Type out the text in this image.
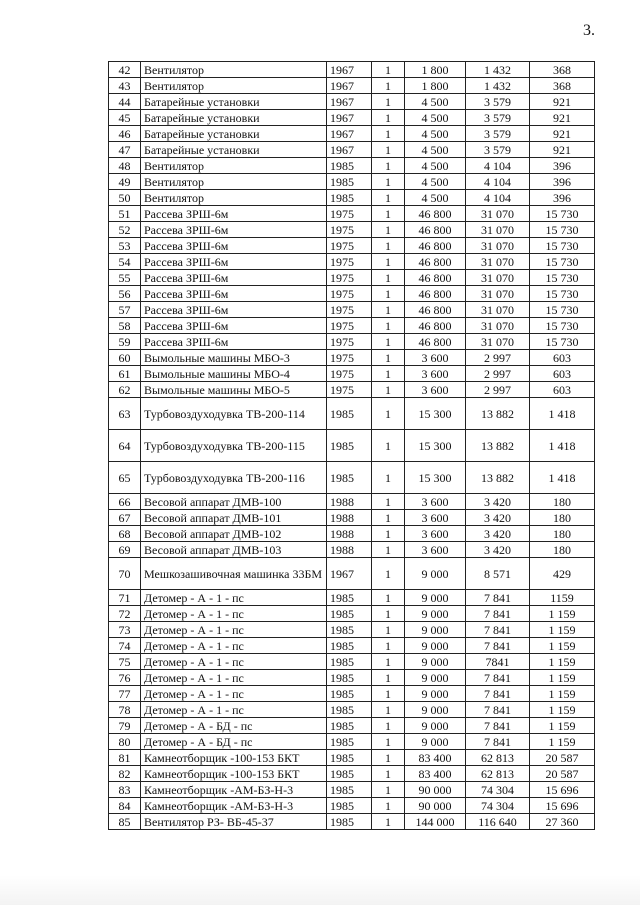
3.
42	Вентилятор	1967	1	1 800	1 432	368
43	Вентилятор	1967	1	1 800	1 432	368
44	Батарейные установки	1967	1	4 500	3 579	921
45	Батарейные установки	1967	1	4 500	3 579	921
46	Батарейные установки	1967	1	4 500	3 579	921
47	Батарейные установки	1967	1	4 500	3 579	921
48	Вентилятор	1985	1	4 500	4 104	396
49	Вентилятор	1985	1	4 500	4 104	396
50	Вентилятор	1985	1	4 500	4 104	396
51	Рассева ЗРШ-6м	1975	1	46 800	31 070	15 730
52	Рассева ЗРШ-6м	1975	1	46 800	31 070	15 730
53	Рассева ЗРШ-6м	1975	1	46 800	31 070	15 730
54	Рассева ЗРШ-6м	1975	1	46 800	31 070	15 730
55	Рассева ЗРШ-6м	1975	1	46 800	31 070	15 730
56	Рассева ЗРШ-6м	1975	1	46 800	31 070	15 730
57	Рассева ЗРШ-6м	1975	1	46 800	31 070	15 730
58	Рассева ЗРШ-6м	1975	1	46 800	31 070	15 730
59	Рассева ЗРШ-6м	1975	1	46 800	31 070	15 730
60	Вымольные машины МБО-3	1975	1	3 600	2 997	603
61	Вымольные машины МБО-4	1975	1	3 600	2 997	603
62	Вымольные машины МБО-5	1975	1	3 600	2 997	603
63	Турбовоздуходувка ТВ-200-114	1985	1	15 300	13 882	1 418
64	Турбовоздуходувка ТВ-200-115	1985	1	15 300	13 882	1 418
65	Турбовоздуходувка ТВ-200-116	1985	1	15 300	13 882	1 418
66	Весовой аппарат ДМВ-100	1988	1	3 600	3 420	180
67	Весовой аппарат ДМВ-101	1988	1	3 600	3 420	180
68	Весовой аппарат ДМВ-102	1988	1	3 600	3 420	180
69	Весовой аппарат ДМВ-103	1988	1	3 600	3 420	180
70	Мешкозашивочная машинка 33БМ	1967	1	9 000	8 571	429
71	Детомер - А - 1 - пс	1985	1	9 000	7 841	1159
72	Детомер - А - 1 - пс	1985	1	9 000	7 841	1 159
73	Детомер - А - 1 - пс	1985	1	9 000	7 841	1 159
74	Детомер - А - 1 - пс	1985	1	9 000	7 841	1 159
75	Детомер - А - 1 - пс	1985	1	9 000	7841	1 159
76	Детомер - А - 1 - пс	1985	1	9 000	7 841	1 159
77	Детомер - А - 1 - пс	1985	1	9 000	7 841	1 159
78	Детомер - А - 1 - пс	1985	1	9 000	7 841	1 159
79	Детомер - А - БД - пс	1985	1	9 000	7 841	1 159
80	Детомер - А - БД - пс	1985	1	9 000	7 841	1 159
81	Камнеотборщик -100-153 БКТ	1985	1	83 400	62 813	20 587
82	Камнеотборщик -100-153 БКТ	1985	1	83 400	62 813	20 587
83	Камнеотборщик -АМ-БЗ-Н-3	1985	1	90 000	74 304	15 696
84	Камнеотборщик -АМ-БЗ-Н-3	1985	1	90 000	74 304	15 696
85	Вентилятор РЗ- ВБ-45-37	1985	1	144 000	116 640	27 360
